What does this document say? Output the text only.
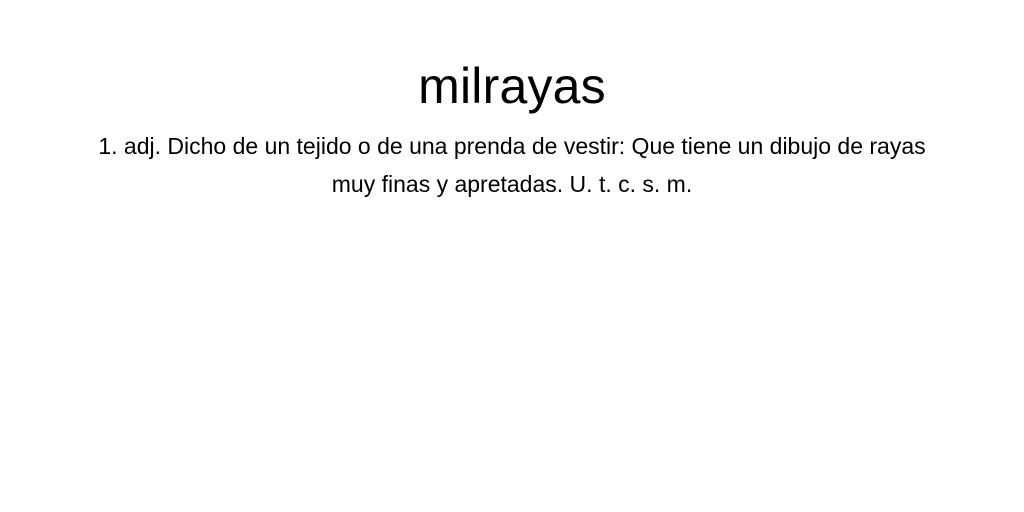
milrayas

1. adj. Dicho de un tejido o de una prenda de vestir: Que tiene un dibujo de rayas muy finas y apretadas. U. t. c. s. m.
